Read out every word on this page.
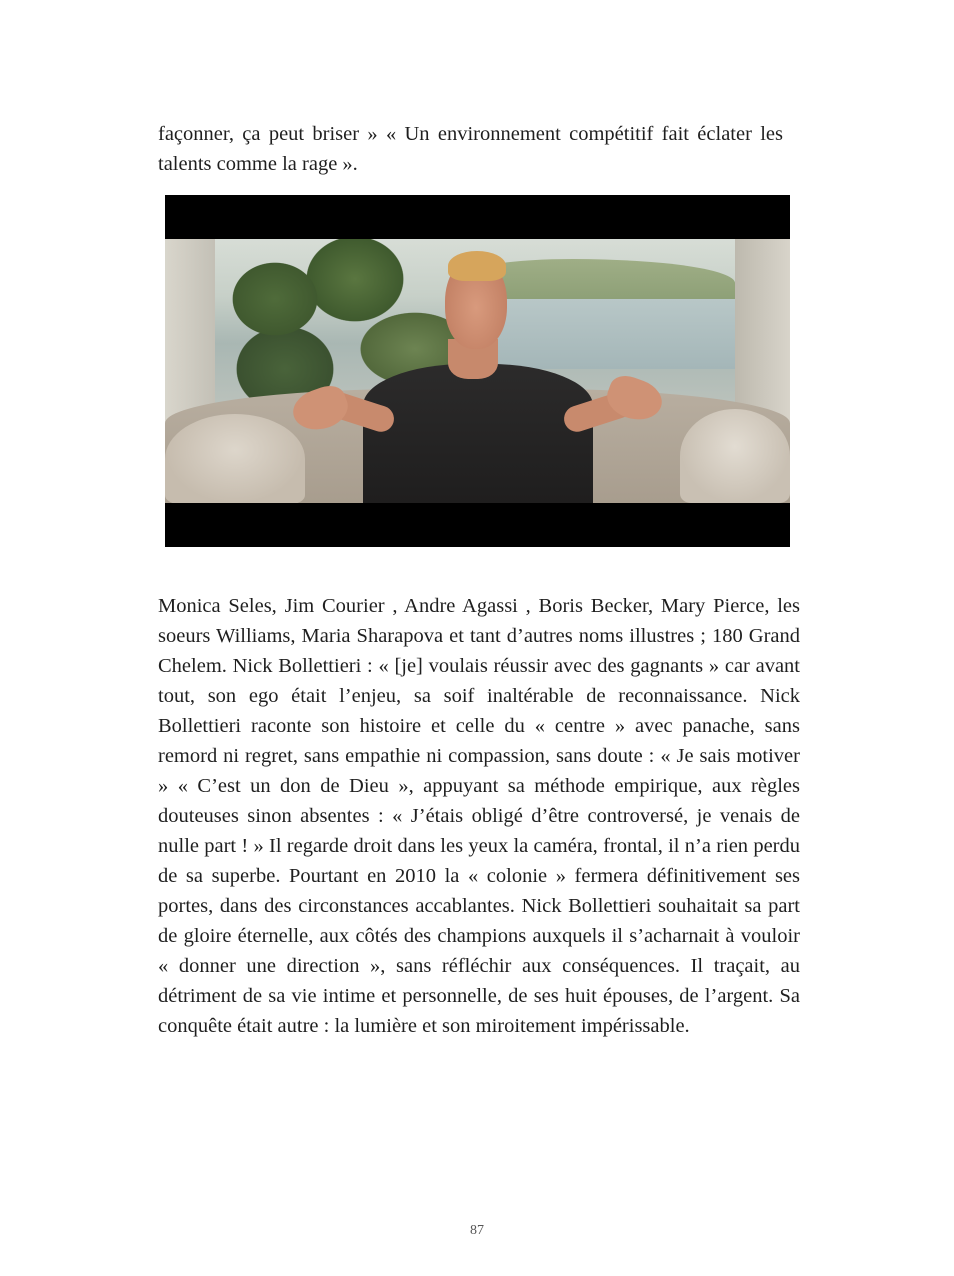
façonner, ça peut briser » « Un environnement compétitif fait éclater les talents comme la rage ».

Monica Seles, Jim Courier , Andre Agassi , Boris Becker, Mary Pierce, les soeurs Williams, Maria Sharapova et tant d’autres noms illustres ; 180 Grand Chelem. Nick Bollettieri : « [je] voulais réussir avec des gagnants » car avant tout, son ego était l’enjeu, sa soif inaltérable de reconnaissance. Nick Bollettieri raconte son histoire et celle du « centre » avec panache, sans remord ni regret, sans empathie ni compassion, sans doute : « Je sais motiver » « C’est un don de Dieu », appuyant sa méthode empirique, aux règles douteuses sinon absentes : « J’étais obligé d’être controversé, je venais de nulle part ! » Il regarde droit dans les yeux la caméra, frontal, il n’a rien perdu de sa superbe. Pourtant en 2010 la « colonie » fermera définitivement ses portes, dans des circonstances accablantes. Nick Bollettieri souhaitait sa part de gloire éternelle, aux côtés des champions auxquels il s’acharnait à vouloir « donner une direction », sans réfléchir aux conséquences. Il traçait, au détriment de sa vie intime et personnelle, de ses huit épouses, de l’argent. Sa conquête était autre : la lumière et son miroitement impérissable.

87
